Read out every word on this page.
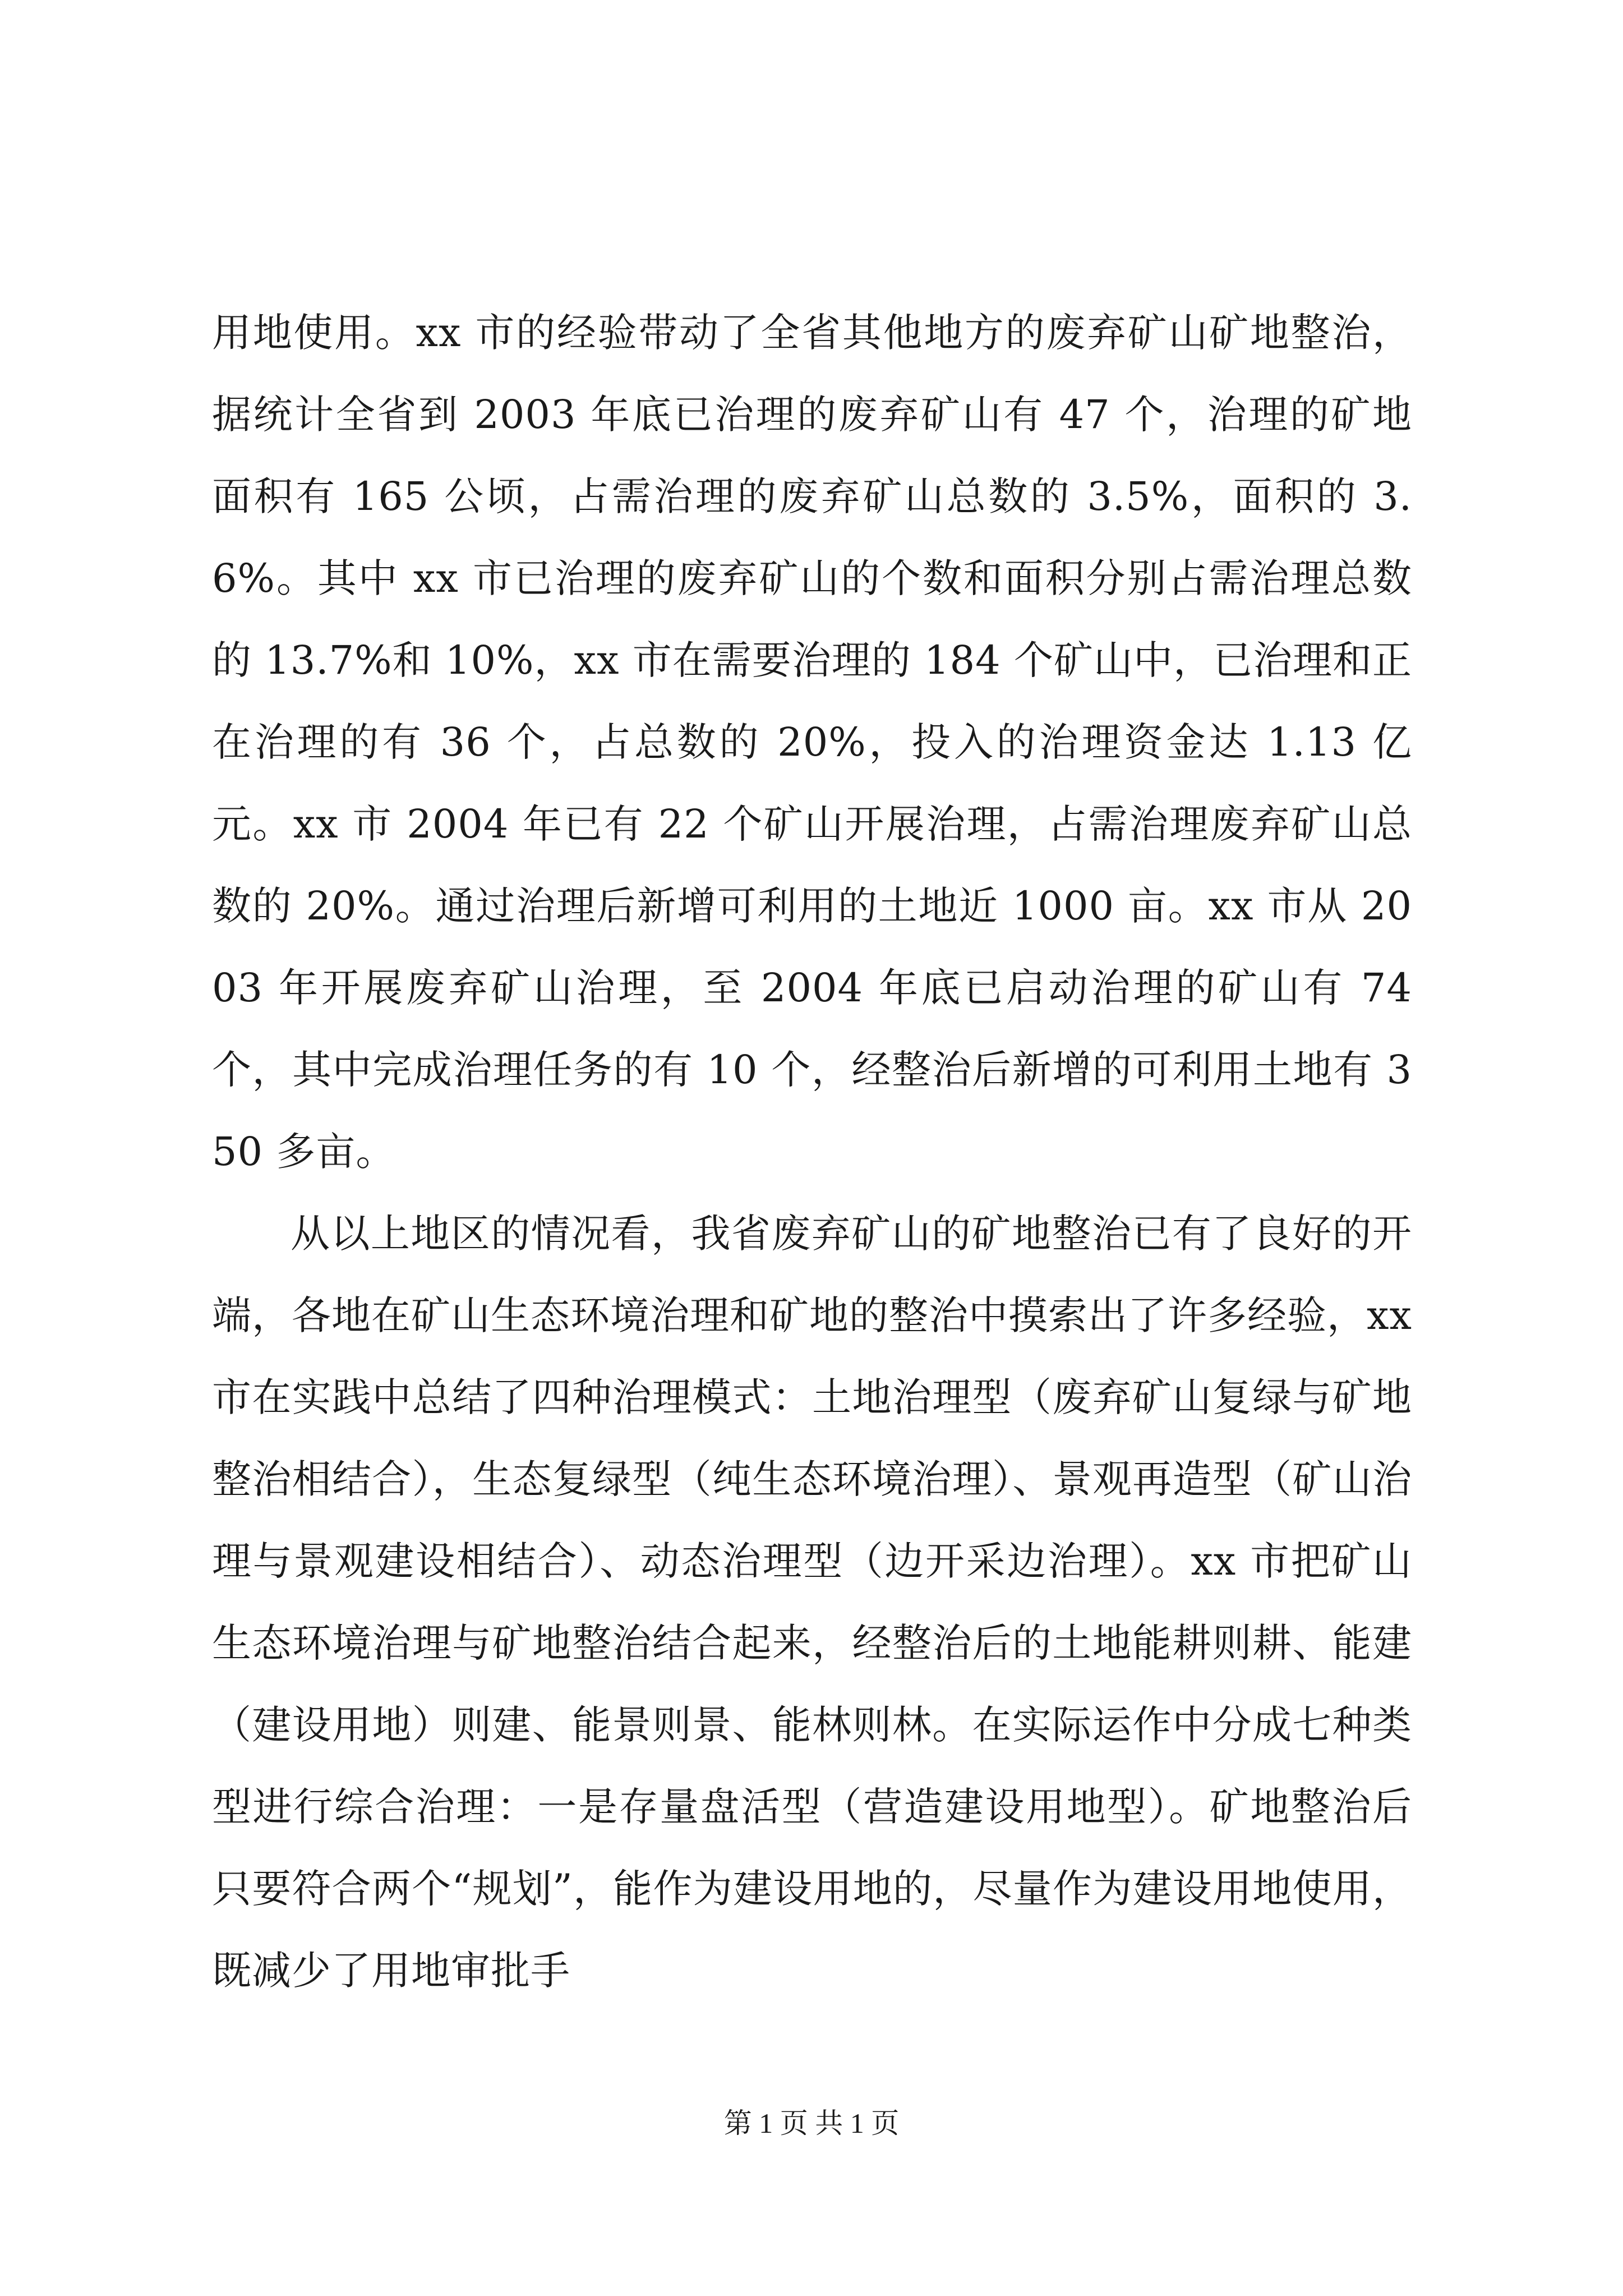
用地使用。xx 市的经验带动了全省其他地方的废弃矿山矿地整治，据统计全省到 2003 年底已治理的废弃矿山有 47 个，治理的矿地面积有 165 公顷，占需治理的废弃矿山总数的 3.5%，面积的 3.6%。其中 xx 市已治理的废弃矿山的个数和面积分别占需治理总数的 13.7%和 10%，xx 市在需要治理的 184 个矿山中，已治理和正在治理的有 36 个，占总数的 20%，投入的治理资金达 1.13 亿元。xx 市 2004 年已有 22 个矿山开展治理，占需治理废弃矿山总数的 20%。通过治理后新增可利用的土地近 1000 亩。xx 市从 2003 年开展废弃矿山治理，至 2004 年底已启动治理的矿山有 74 个，其中完成治理任务的有 10 个，经整治后新增的可利用土地有 350 多亩。

从以上地区的情况看，我省废弃矿山的矿地整治已有了良好的开端，各地在矿山生态环境治理和矿地的整治中摸索出了许多经验，xx 市在实践中总结了四种治理模式：土地治理型（废弃矿山复绿与矿地整治相结合），生态复绿型（纯生态环境治理）、景观再造型（矿山治理与景观建设相结合）、动态治理型（边开采边治理）。xx 市把矿山生态环境治理与矿地整治结合起来，经整治后的土地能耕则耕、能建（建设用地）则建、能景则景、能林则林。在实际运作中分成七种类型进行综合治理：一是存量盘活型（营造建设用地型）。矿地整治后只要符合两个“规划”，能作为建设用地的，尽量作为建设用地使用，既减少了用地审批手

第 1 页 共 1 页
